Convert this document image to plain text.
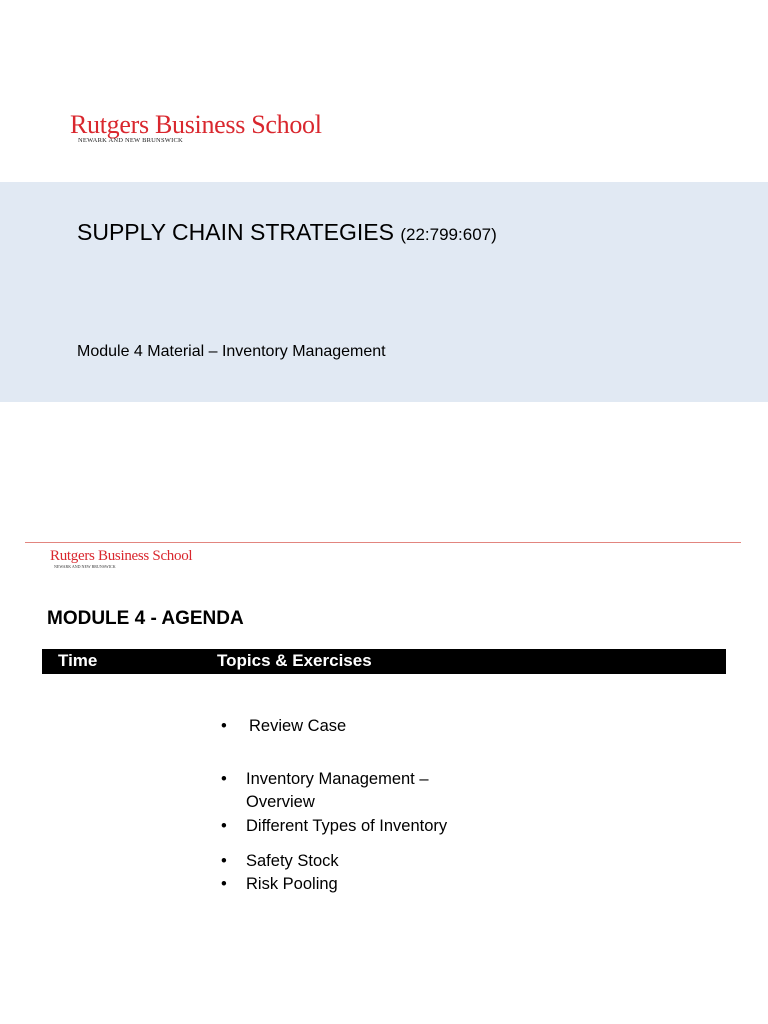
Rutgers Business School
NEWARK AND NEW BRUNSWICK
SUPPLY CHAIN STRATEGIES (22:799:607)
Module 4 Material – Inventory Management
Rutgers Business School
NEWARK AND NEW BRUNSWICK
MODULE 4 - AGENDA
Time	Topics & Exercises
• Review Case
• Inventory Management –
Overview
• Different Types of Inventory
• Safety Stock
• Risk Pooling
